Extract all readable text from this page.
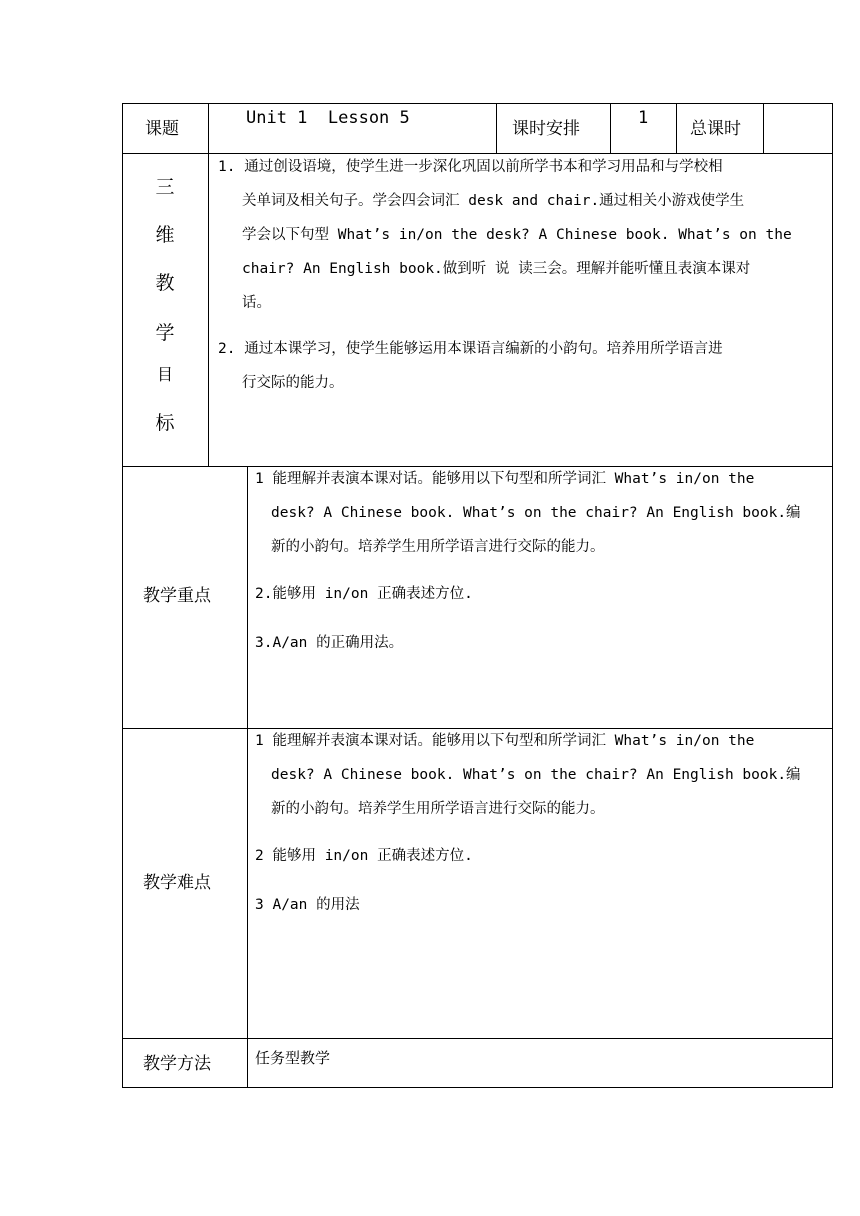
课题
Unit 1  Lesson 5
课时安排
1
总课时
三
维
教
学
目
标
1. 通过创设语境，使学生进一步深化巩固以前所学书本和学习用品和与学校相
关单词及相关句子。学会四会词汇 desk and chair.通过相关小游戏使学生
学会以下句型 What’s in/on the desk? A Chinese book. What’s on the
chair? An English book.做到听 说 读三会。理解并能听懂且表演本课对
话。
2. 通过本课学习，使学生能够运用本课语言编新的小韵句。培养用所学语言进
行交际的能力。
教学重点
1 能理解并表演本课对话。能够用以下句型和所学词汇 What’s in/on the
desk? A Chinese book. What’s on the chair? An English book.编
新的小韵句。培养学生用所学语言进行交际的能力。
2.能够用 in/on 正确表述方位.
3.A/an 的正确用法。
教学难点
1 能理解并表演本课对话。能够用以下句型和所学词汇 What’s in/on the
desk? A Chinese book. What’s on the chair? An English book.编
新的小韵句。培养学生用所学语言进行交际的能力。
2 能够用 in/on 正确表述方位.
3 A/an 的用法
教学方法	任务型教学
